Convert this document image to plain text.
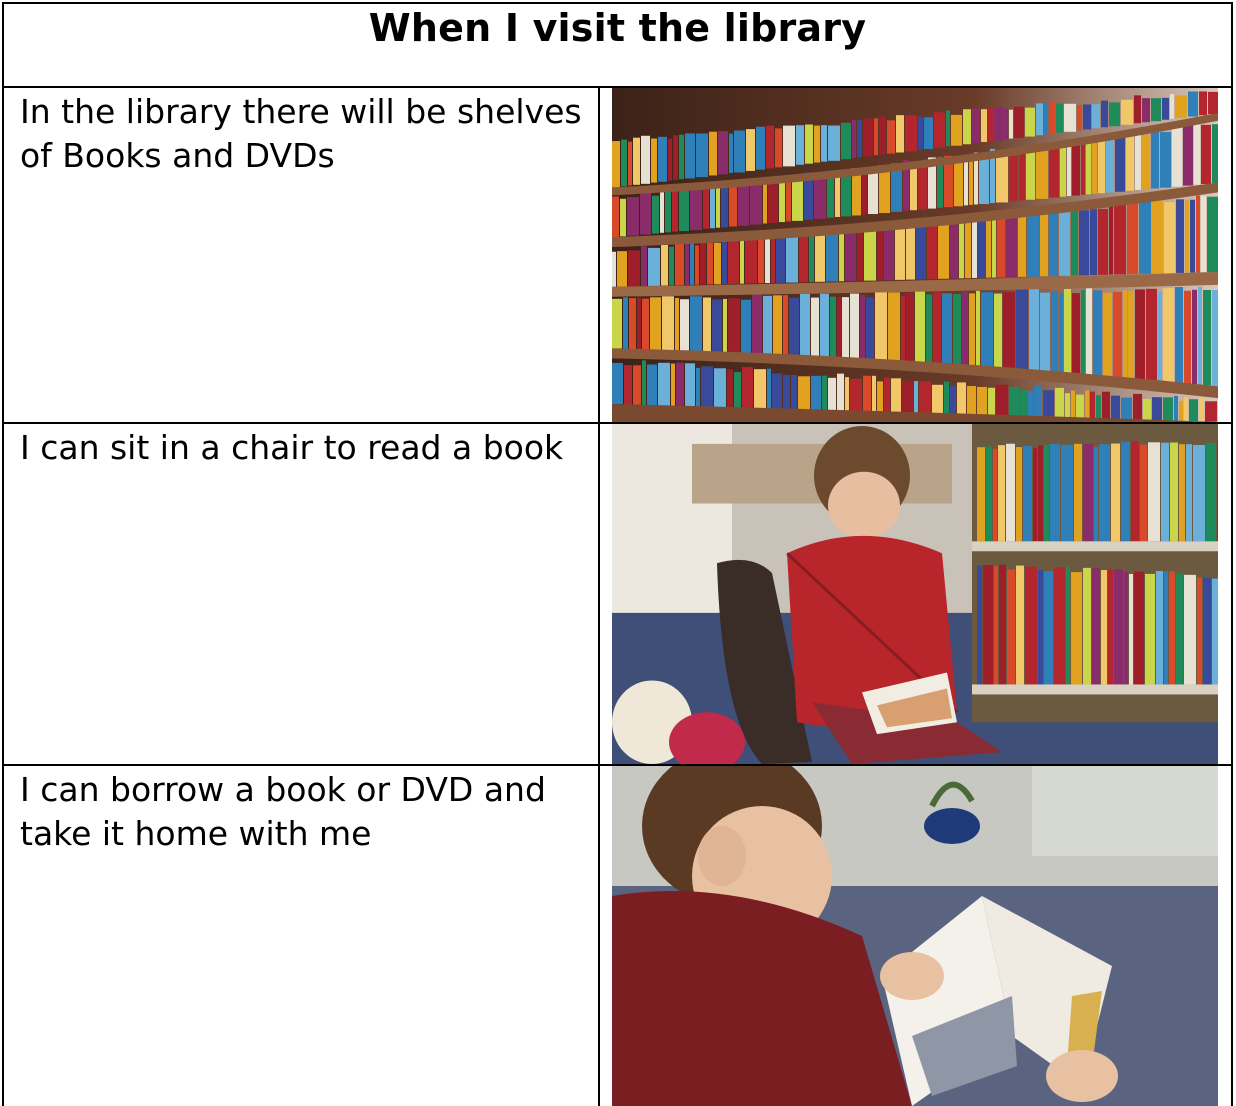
When I visit the library
In the library there will be shelves of Books and DVDs
I can sit in a chair to read a book
I can borrow a book or DVD and take it home with me
